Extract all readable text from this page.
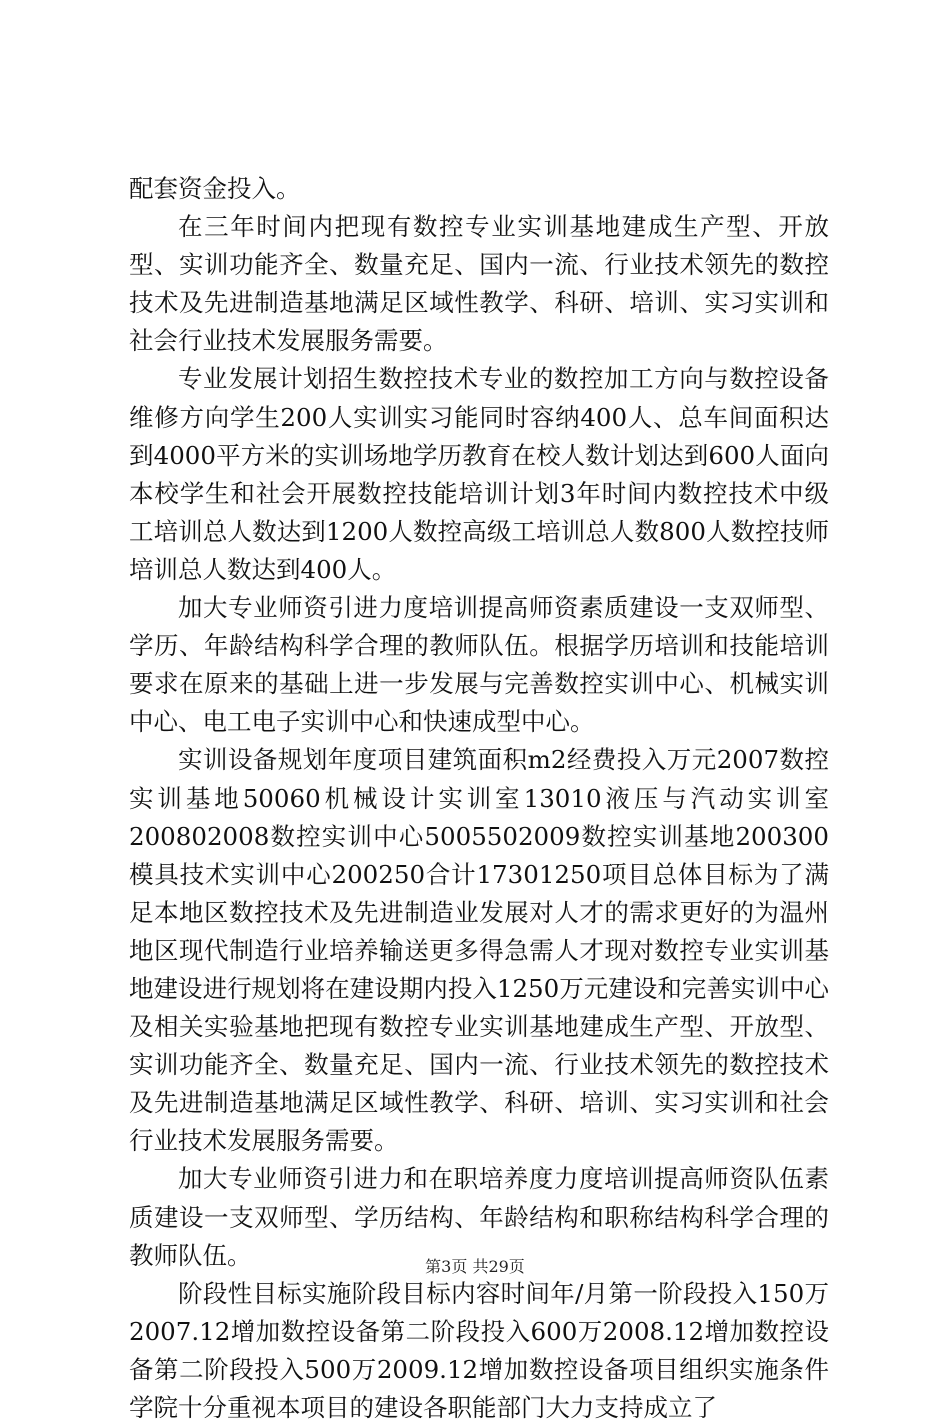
配套资金投入。

在三年时间内把现有数控专业实训基地建成生产型、开放型、实训功能齐全、数量充足、国内一流、行业技术领先的数控技术及先进制造基地满足区域性教学、科研、培训、实习实训和社会行业技术发展服务需要。

专业发展计划招生数控技术专业的数控加工方向与数控设备维修方向学生200人实训实习能同时容纳400人、总车间面积达到4000平方米的实训场地学历教育在校人数计划达到600人面向本校学生和社会开展数控技能培训计划3年时间内数控技术中级工培训总人数达到1200人数控高级工培训总人数800人数控技师培训总人数达到400人。

加大专业师资引进力度培训提高师资素质建设一支双师型、学历、年龄结构科学合理的教师队伍。根据学历培训和技能培训要求在原来的基础上进一步发展与完善数控实训中心、机械实训中心、电工电子实训中心和快速成型中心。

实训设备规划年度项目建筑面积m2经费投入万元2007数控实训基地50060机械设计实训室13010液压与汽动实训室200802008数控实训中心5005502009数控实训基地200300模具技术实训中心200250合计17301250项目总体目标为了满足本地区数控技术及先进制造业发展对人才的需求更好的为温州地区现代制造行业培养输送更多得急需人才现对数控专业实训基地建设进行规划将在建设期内投入1250万元建设和完善实训中心及相关实验基地把现有数控专业实训基地建成生产型、开放型、实训功能齐全、数量充足、国内一流、行业技术领先的数控技术及先进制造基地满足区域性教学、科研、培训、实习实训和社会行业技术发展服务需要。

加大专业师资引进力和在职培养度力度培训提高师资队伍素质建设一支双师型、学历结构、年龄结构和职称结构科学合理的教师队伍。

阶段性目标实施阶段目标内容时间年/月第一阶段投入150万2007.12增加数控设备第二阶段投入600万2008.12增加数控设备第二阶段投入500万2009.12增加数控设备项目组织实施条件学院十分重视本项目的建设各职能部门大力支持成立了

第3页 共29页
